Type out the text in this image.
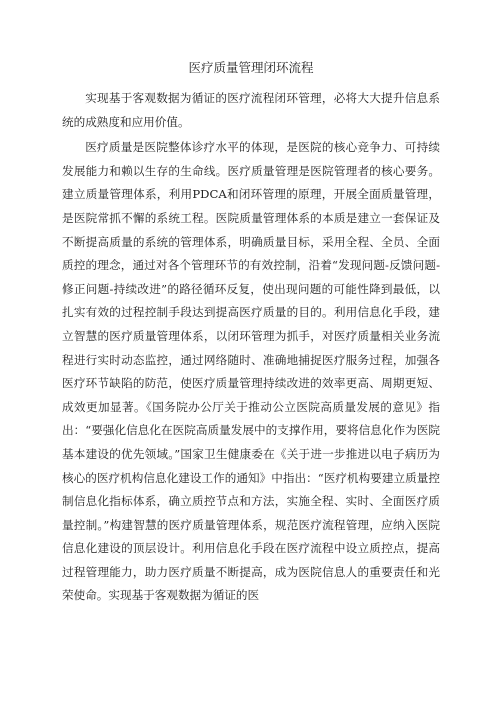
医疗质量管理闭环流程

实现基于客观数据为循证的医疗流程闭环管理，必将大大提升信息系统的成熟度和应用价值。

医疗质量是医院整体诊疗水平的体现，是医院的核心竞争力、可持续发展能力和赖以生存的生命线。医疗质量管理是医院管理者的核心要务。建立质量管理体系，利用PDCA和闭环管理的原理，开展全面质量管理，是医院常抓不懈的系统工程。医院质量管理体系的本质是建立一套保证及不断提高质量的系统的管理体系，明确质量目标，采用全程、全员、全面质控的理念，通过对各个管理环节的有效控制，沿着“发现问题-反馈问题-修正问题-持续改进”的路径循环反复，使出现问题的可能性降到最低，以扎实有效的过程控制手段达到提高医疗质量的目的。利用信息化手段，建立智慧的医疗质量管理体系，以闭环管理为抓手，对医疗质量相关业务流程进行实时动态监控，通过网络随时、准确地捕捉医疗服务过程，加强各医疗环节缺陷的防范，使医疗质量管理持续改进的效率更高、周期更短、成效更加显著。《国务院办公厅关于推动公立医院高质量发展的意见》指出：“要强化信息化在医院高质量发展中的支撑作用，要将信息化作为医院基本建设的优先领域。”国家卫生健康委在《关于进一步推进以电子病历为核心的医疗机构信息化建设工作的通知》中指出：“医疗机构要建立质量控制信息化指标体系，确立质控节点和方法，实施全程、实时、全面医疗质量控制。”构建智慧的医疗质量管理体系，规范医疗流程管理，应纳入医院信息化建设的顶层设计。利用信息化手段在医疗流程中设立质控点，提高过程管理能力，助力医疗质量不断提高，成为医院信息人的重要责任和光荣使命。实现基于客观数据为循证的医
